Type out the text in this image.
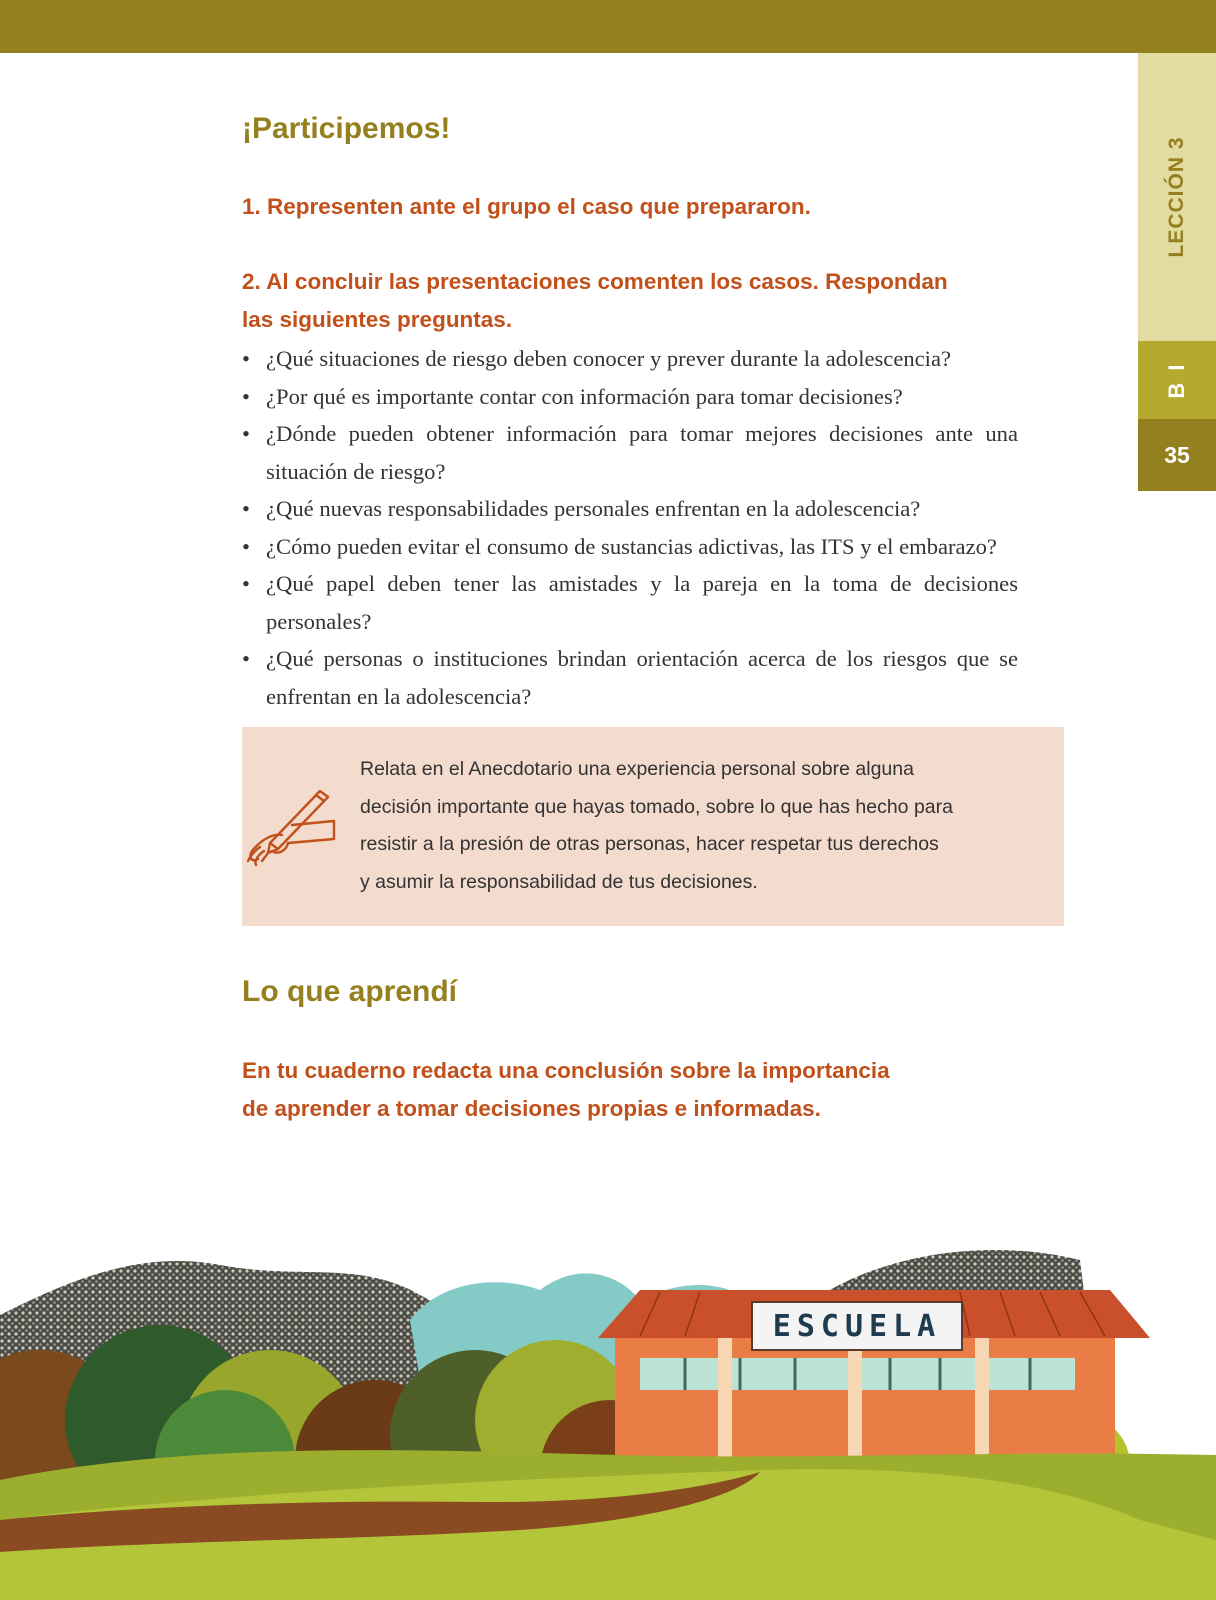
LECCIÓN 3
B I
35
¡Participemos!
1. Representen ante el grupo el caso que prepararon.
2. Al concluir las presentaciones comenten los casos. Respondan
las siguientes preguntas.
• ¿Qué situaciones de riesgo deben conocer y prever durante la adolescencia?
• ¿Por qué es importante contar con información para tomar decisiones?
• ¿Dónde pueden obtener información para tomar mejores decisiones ante una situación de riesgo?
• ¿Qué nuevas responsabilidades personales enfrentan en la adolescencia?
• ¿Cómo pueden evitar el consumo de sustancias adictivas, las ITS y el embarazo?
• ¿Qué papel deben tener las amistades y la pareja en la toma de decisiones personales?
• ¿Qué personas o instituciones brindan orientación acerca de los riesgos que se enfrentan en la adolescencia?
Lo que aprendí
En tu cuaderno redacta una conclusión sobre la importancia
de aprender a tomar decisiones propias e informadas.
Relata en el Anecdotario una experiencia personal sobre alguna
decisión importante que hayas tomado, sobre lo que has hecho para
resistir a la presión de otras personas, hacer respetar tus derechos
y asumir la responsabilidad de tus decisiones.
ESCUELA
